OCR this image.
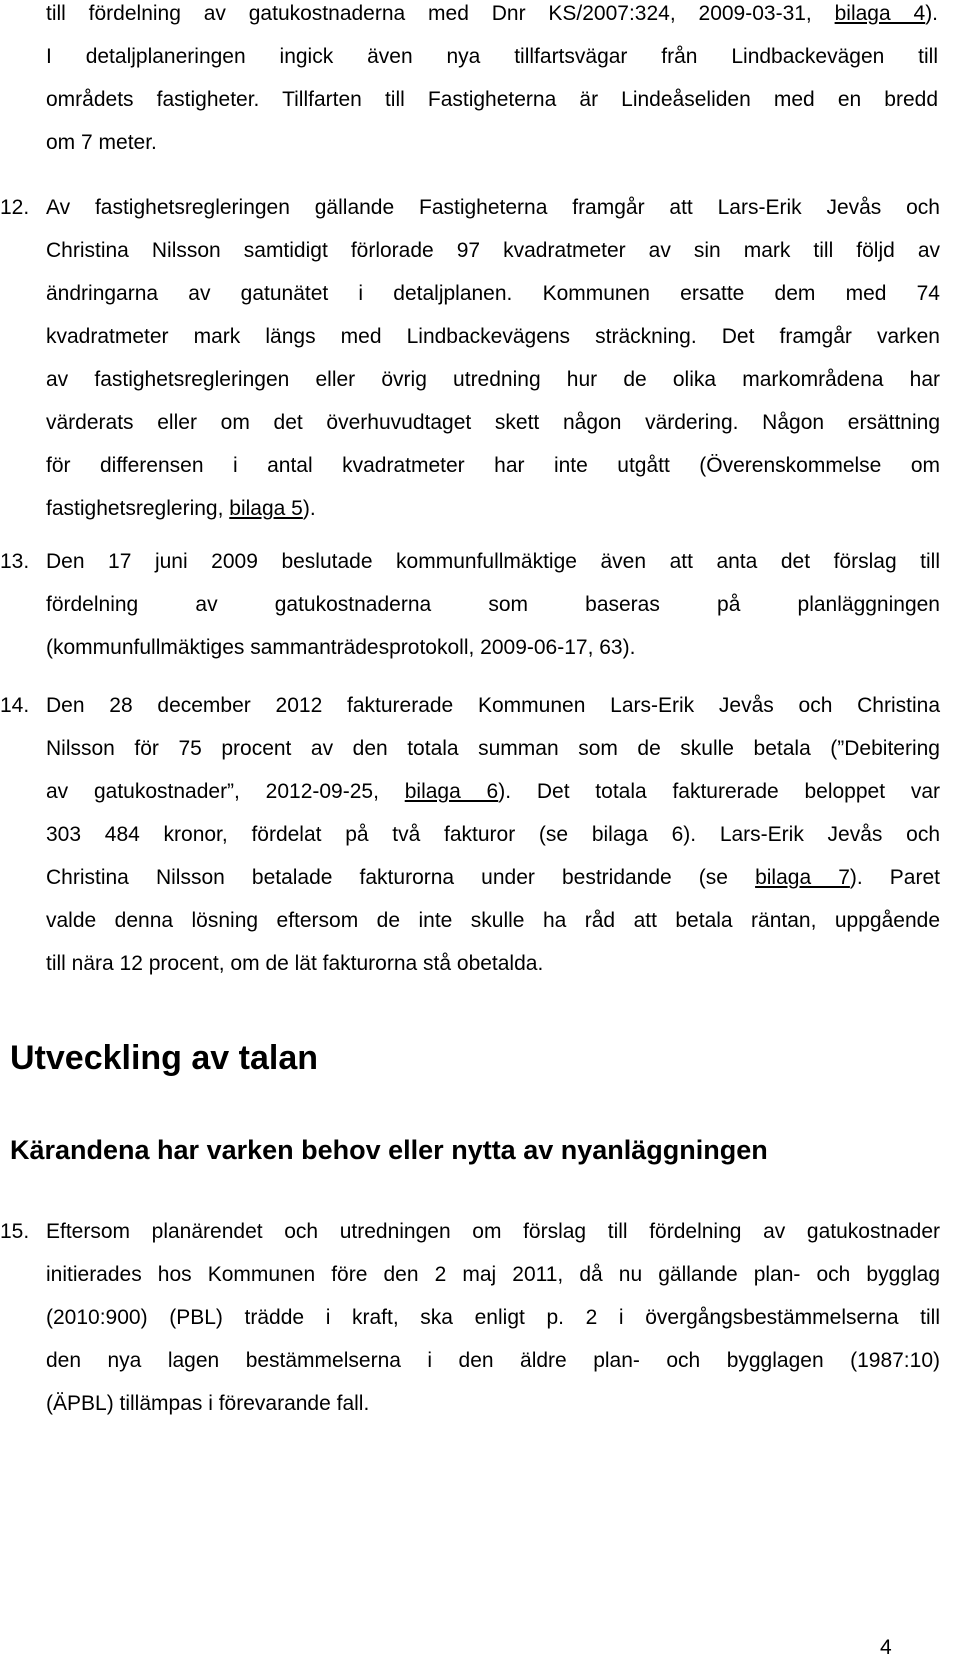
till fördelning av gatukostnaderna med Dnr KS/2007:324, 2009-03-31, bilaga 4).
I detaljplaneringen ingick även nya tillfartsvägar från Lindbackevägen till
områdets fastigheter. Tillfarten till Fastigheterna är Lindeåseliden med en bredd
om 7 meter.
12. Av fastighetsregleringen gällande Fastigheterna framgår att Lars-Erik Jevås och
Christina Nilsson samtidigt förlorade 97 kvadratmeter av sin mark till följd av
ändringarna av gatunätet i detaljplanen. Kommunen ersatte dem med 74
kvadratmeter mark längs med Lindbackevägens sträckning. Det framgår varken
av fastighetsregleringen eller övrig utredning hur de olika markområdena har
värderats eller om det överhuvudtaget skett någon värdering. Någon ersättning
för differensen i antal kvadratmeter har inte utgått (Överenskommelse om
fastighetsreglering, bilaga 5).
13. Den 17 juni 2009 beslutade kommunfullmäktige även att anta det förslag till
fördelning av gatukostnaderna som baseras på planläggningen
(kommunfullmäktiges sammanträdesprotokoll, 2009-06-17, 63).
14. Den 28 december 2012 fakturerade Kommunen Lars-Erik Jevås och Christina
Nilsson för 75 procent av den totala summan som de skulle betala (”Debitering
av gatukostnader”, 2012-09-25, bilaga 6). Det totala fakturerade beloppet var
303 484 kronor, fördelat på två fakturor (se bilaga 6). Lars-Erik Jevås och
Christina Nilsson betalade fakturorna under bestridande (se bilaga 7). Paret
valde denna lösning eftersom de inte skulle ha råd att betala räntan, uppgående
till nära 12 procent, om de lät fakturorna stå obetalda.
Utveckling av talan
Kärandena har varken behov eller nytta av nyanläggningen
15. Eftersom planärendet och utredningen om förslag till fördelning av gatukostnader
initierades hos Kommunen före den 2 maj 2011, då nu gällande plan- och bygglag
(2010:900) (PBL) trädde i kraft, ska enligt p. 2 i övergångsbestämmelserna till
den nya lagen bestämmelserna i den äldre plan- och bygglagen (1987:10)
(ÄPBL) tillämpas i förevarande fall.
4
